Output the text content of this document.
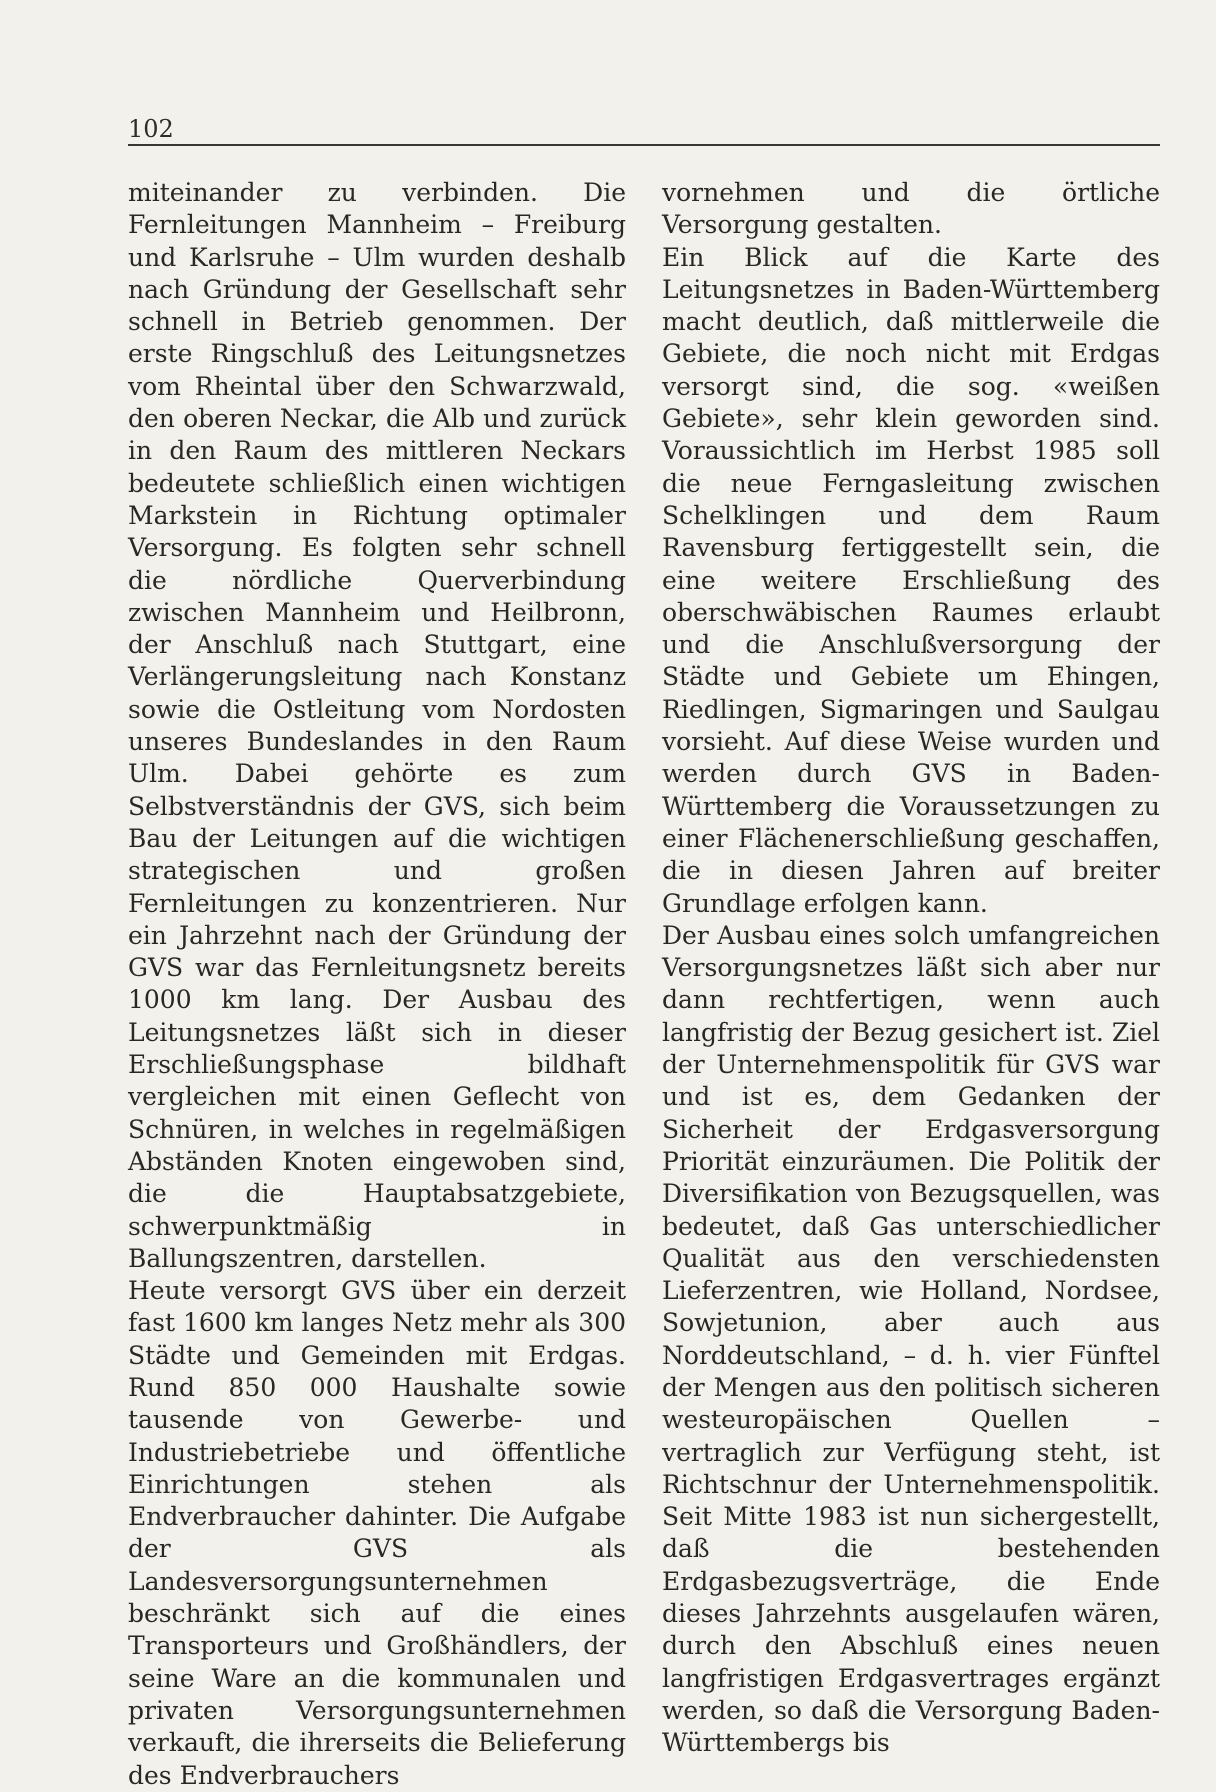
102

miteinander zu verbinden. Die Fernleitungen Mannheim – Freiburg und Karlsruhe – Ulm wurden deshalb nach Gründung der Gesellschaft sehr schnell in Betrieb genommen. Der erste Ringschluß des Leitungsnetzes vom Rheintal über den Schwarzwald, den oberen Neckar, die Alb und zurück in den Raum des mittleren Neckars bedeutete schließlich einen wichtigen Markstein in Richtung optimaler Versorgung. Es folgten sehr schnell die nördliche Querverbindung zwischen Mannheim und Heilbronn, der Anschluß nach Stuttgart, eine Verlängerungsleitung nach Konstanz sowie die Ostleitung vom Nordosten unseres Bundeslandes in den Raum Ulm. Dabei gehörte es zum Selbstverständnis der GVS, sich beim Bau der Leitungen auf die wichtigen strategischen und großen Fernleitungen zu konzentrieren. Nur ein Jahrzehnt nach der Gründung der GVS war das Fernleitungsnetz bereits 1000 km lang. Der Ausbau des Leitungsnetzes läßt sich in dieser Erschließungsphase bildhaft vergleichen mit einen Geflecht von Schnüren, in welches in regelmäßigen Abständen Knoten eingewoben sind, die die Hauptabsatzgebiete, schwerpunktmäßig in Ballungszentren, darstellen.

Heute versorgt GVS über ein derzeit fast 1600 km langes Netz mehr als 300 Städte und Gemeinden mit Erdgas. Rund 850 000 Haushalte sowie tausende von Gewerbe- und Industriebetriebe und öffentliche Einrichtungen stehen als Endverbraucher dahinter. Die Aufgabe der GVS als Landesversorgungsunternehmen beschränkt sich auf die eines Transporteurs und Großhändlers, der seine Ware an die kommunalen und privaten Versorgungsunternehmen verkauft, die ihrerseits die Belieferung des Endverbrauchers

vornehmen und die örtliche Versorgung gestalten.

Ein Blick auf die Karte des Leitungsnetzes in Baden-Württemberg macht deutlich, daß mittlerweile die Gebiete, die noch nicht mit Erdgas versorgt sind, die sog. «weißen Gebiete», sehr klein geworden sind. Voraussichtlich im Herbst 1985 soll die neue Ferngasleitung zwischen Schelklingen und dem Raum Ravensburg fertiggestellt sein, die eine weitere Erschließung des oberschwäbischen Raumes erlaubt und die Anschlußversorgung der Städte und Gebiete um Ehingen, Riedlingen, Sigmaringen und Saulgau vorsieht. Auf diese Weise wurden und werden durch GVS in Baden-Württemberg die Voraussetzungen zu einer Flächenerschließung geschaffen, die in diesen Jahren auf breiter Grundlage erfolgen kann.

Der Ausbau eines solch umfangreichen Versorgungsnetzes läßt sich aber nur dann rechtfertigen, wenn auch langfristig der Bezug gesichert ist. Ziel der Unternehmenspolitik für GVS war und ist es, dem Gedanken der Sicherheit der Erdgasversorgung Priorität einzuräumen. Die Politik der Diversifikation von Bezugsquellen, was bedeutet, daß Gas unterschiedlicher Qualität aus den verschiedensten Lieferzentren, wie Holland, Nordsee, Sowjetunion, aber auch aus Norddeutschland, – d. h. vier Fünftel der Mengen aus den politisch sicheren westeuropäischen Quellen – vertraglich zur Verfügung steht, ist Richtschnur der Unternehmenspolitik. Seit Mitte 1983 ist nun sichergestellt, daß die bestehenden Erdgasbezugsverträge, die Ende dieses Jahrzehnts ausgelaufen wären, durch den Abschluß eines neuen langfristigen Erdgasvertrages ergänzt werden, so daß die Versorgung Baden-Württembergs bis
